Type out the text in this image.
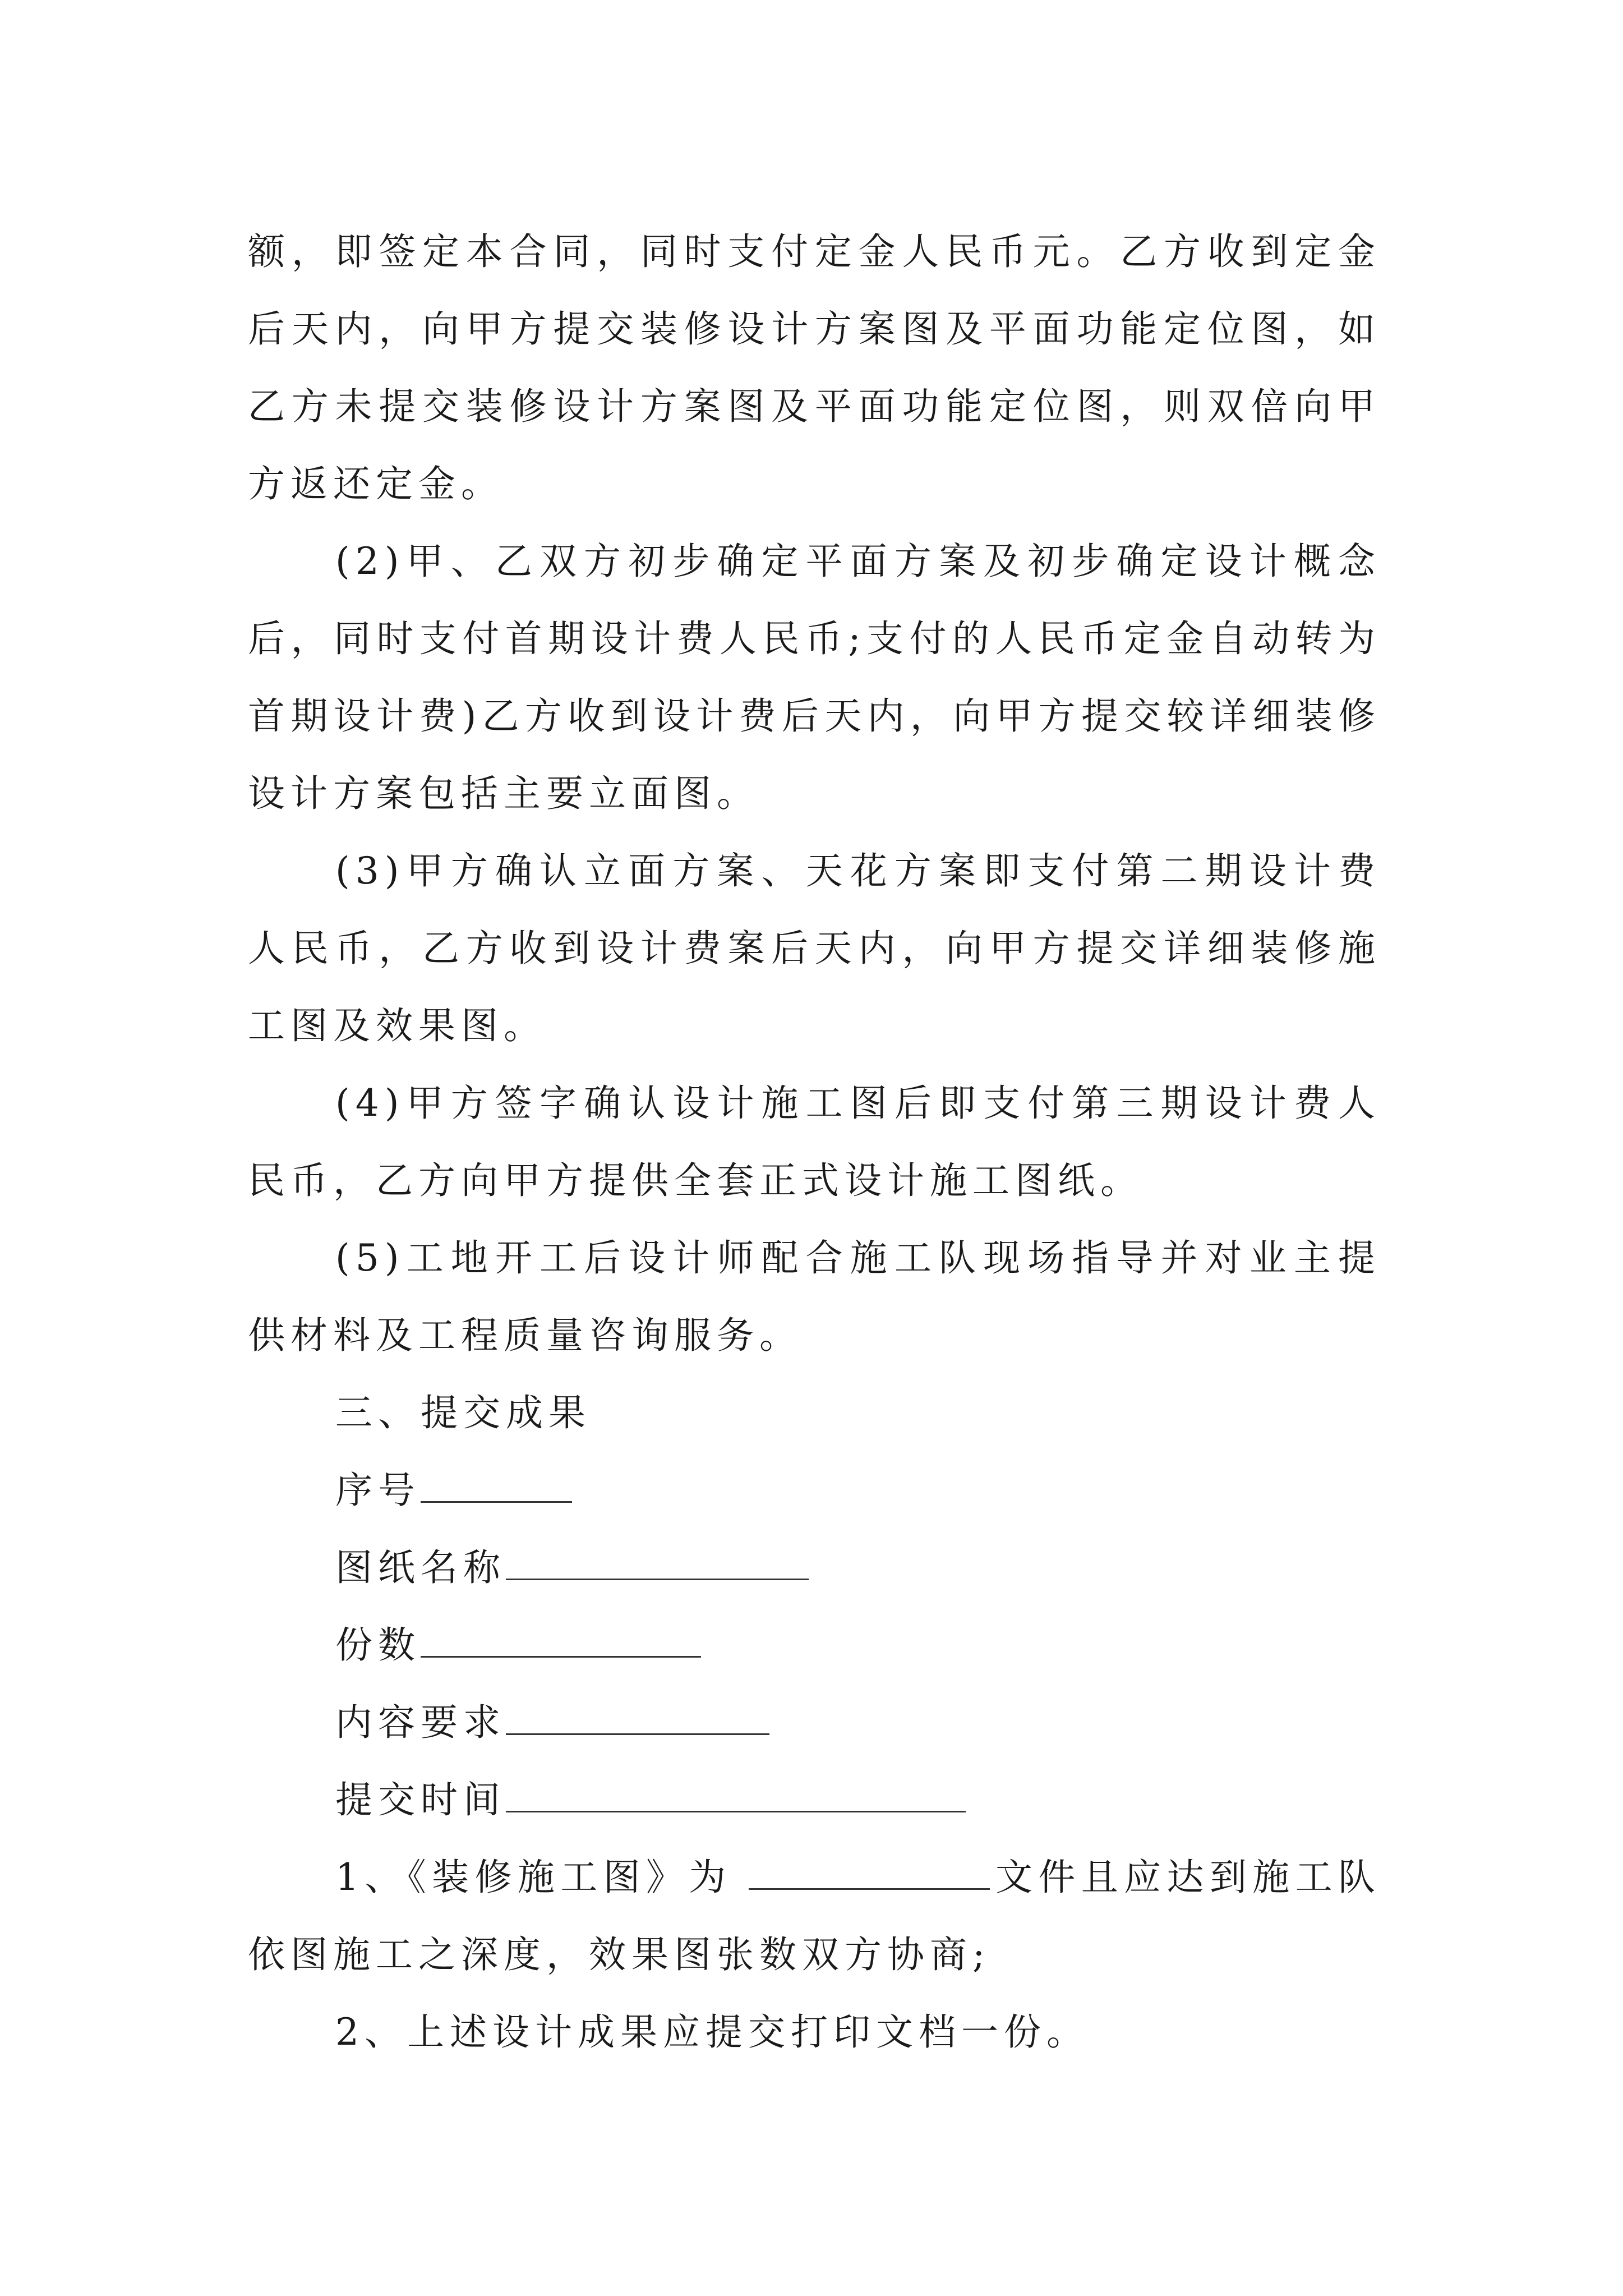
额，即签定本合同，同时支付定金人民币元。乙方收到定金后天内，向甲方提交装修设计方案图及平面功能定位图，如乙方未提交装修设计方案图及平面功能定位图，则双倍向甲方返还定金。

(2)甲、乙双方初步确定平面方案及初步确定设计概念后，同时支付首期设计费人民币;支付的人民币定金自动转为首期设计费)乙方收到设计费后天内，向甲方提交较详细装修设计方案包括主要立面图。

(3)甲方确认立面方案、天花方案即支付第二期设计费人民币，乙方收到设计费案后天内，向甲方提交详细装修施工图及效果图。

(4)甲方签字确认设计施工图后即支付第三期设计费人民币，乙方向甲方提供全套正式设计施工图纸。

(5)工地开工后设计师配合施工队现场指导并对业主提供材料及工程质量咨询服务。

三、提交成果

序号

图纸名称

份数

内容要求

提交时间

1、《装修施工图》为	文件且应达到施工队依图施工之深度，效果图张数双方协商;

2、上述设计成果应提交打印文档一份。
